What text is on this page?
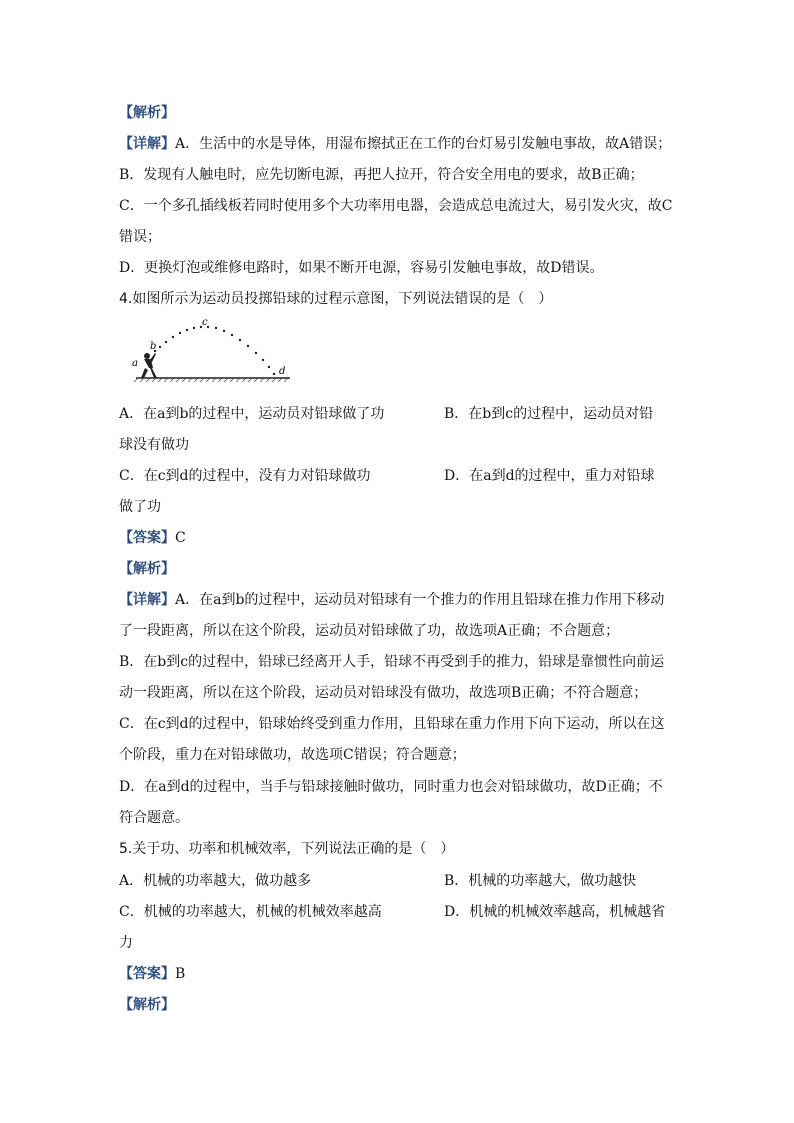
【解析】
【详解】A．生活中的水是导体，用湿布擦拭正在工作的台灯易引发触电事故，故A错误；
B．发现有人触电时，应先切断电源，再把人拉开，符合安全用电的要求，故B正确；
C．一个多孔插线板若同时使用多个大功率用电器，会造成总电流过大，易引发火灾，故C
错误；
D．更换灯泡或维修电路时，如果不断开电源，容易引发触电事故，故D错误。
4.如图所示为运动员投掷铅球的过程示意图，下列说法错误的是（　）
a
b
c
d
A．在a到b的过程中，运动员对铅球做了功	B．在b到c的过程中，运动员对铅
球没有做功
C．在c到d的过程中，没有力对铅球做功	D．在a到d的过程中，重力对铅球
做了功
【答案】C
【解析】
【详解】A．在a到b的过程中，运动员对铅球有一个推力的作用且铅球在推力作用下移动
了一段距离，所以在这个阶段，运动员对铅球做了功，故选项A正确；不合题意；
B．在b到c的过程中，铅球已经离开人手，铅球不再受到手的推力，铅球是靠惯性向前运
动一段距离，所以在这个阶段，运动员对铅球没有做功，故选项B正确；不符合题意；
C．在c到d的过程中，铅球始终受到重力作用，且铅球在重力作用下向下运动，所以在这
个阶段，重力在对铅球做功，故选项C错误；符合题意；
D．在a到d的过程中，当手与铅球接触时做功，同时重力也会对铅球做功，故D正确；不
符合题意。
5.关于功、功率和机械效率，下列说法正确的是（　）
A．机械的功率越大，做功越多	B．机械的功率越大，做功越快
C．机械的功率越大，机械的机械效率越高	D．机械的机械效率越高，机械越省
力
【答案】B
【解析】
